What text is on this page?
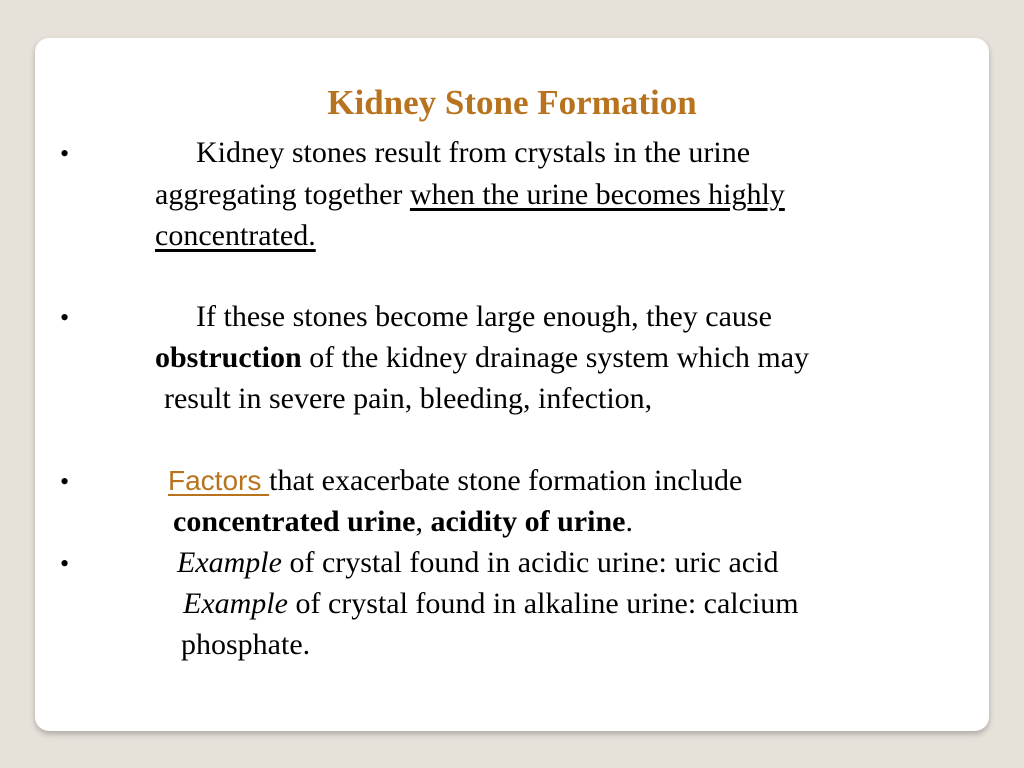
Kidney Stone Formation
•	Kidney stones result from crystals in the urine
aggregating together when the urine becomes highly
concentrated.
•	If these stones become large enough, they cause
obstruction of the kidney drainage system which may
result in severe pain, bleeding, infection,
•	Factors that exacerbate stone formation include
concentrated urine, acidity of urine.
•	Example of crystal found in acidic urine: uric acid
Example of crystal found in alkaline urine: calcium
phosphate.
